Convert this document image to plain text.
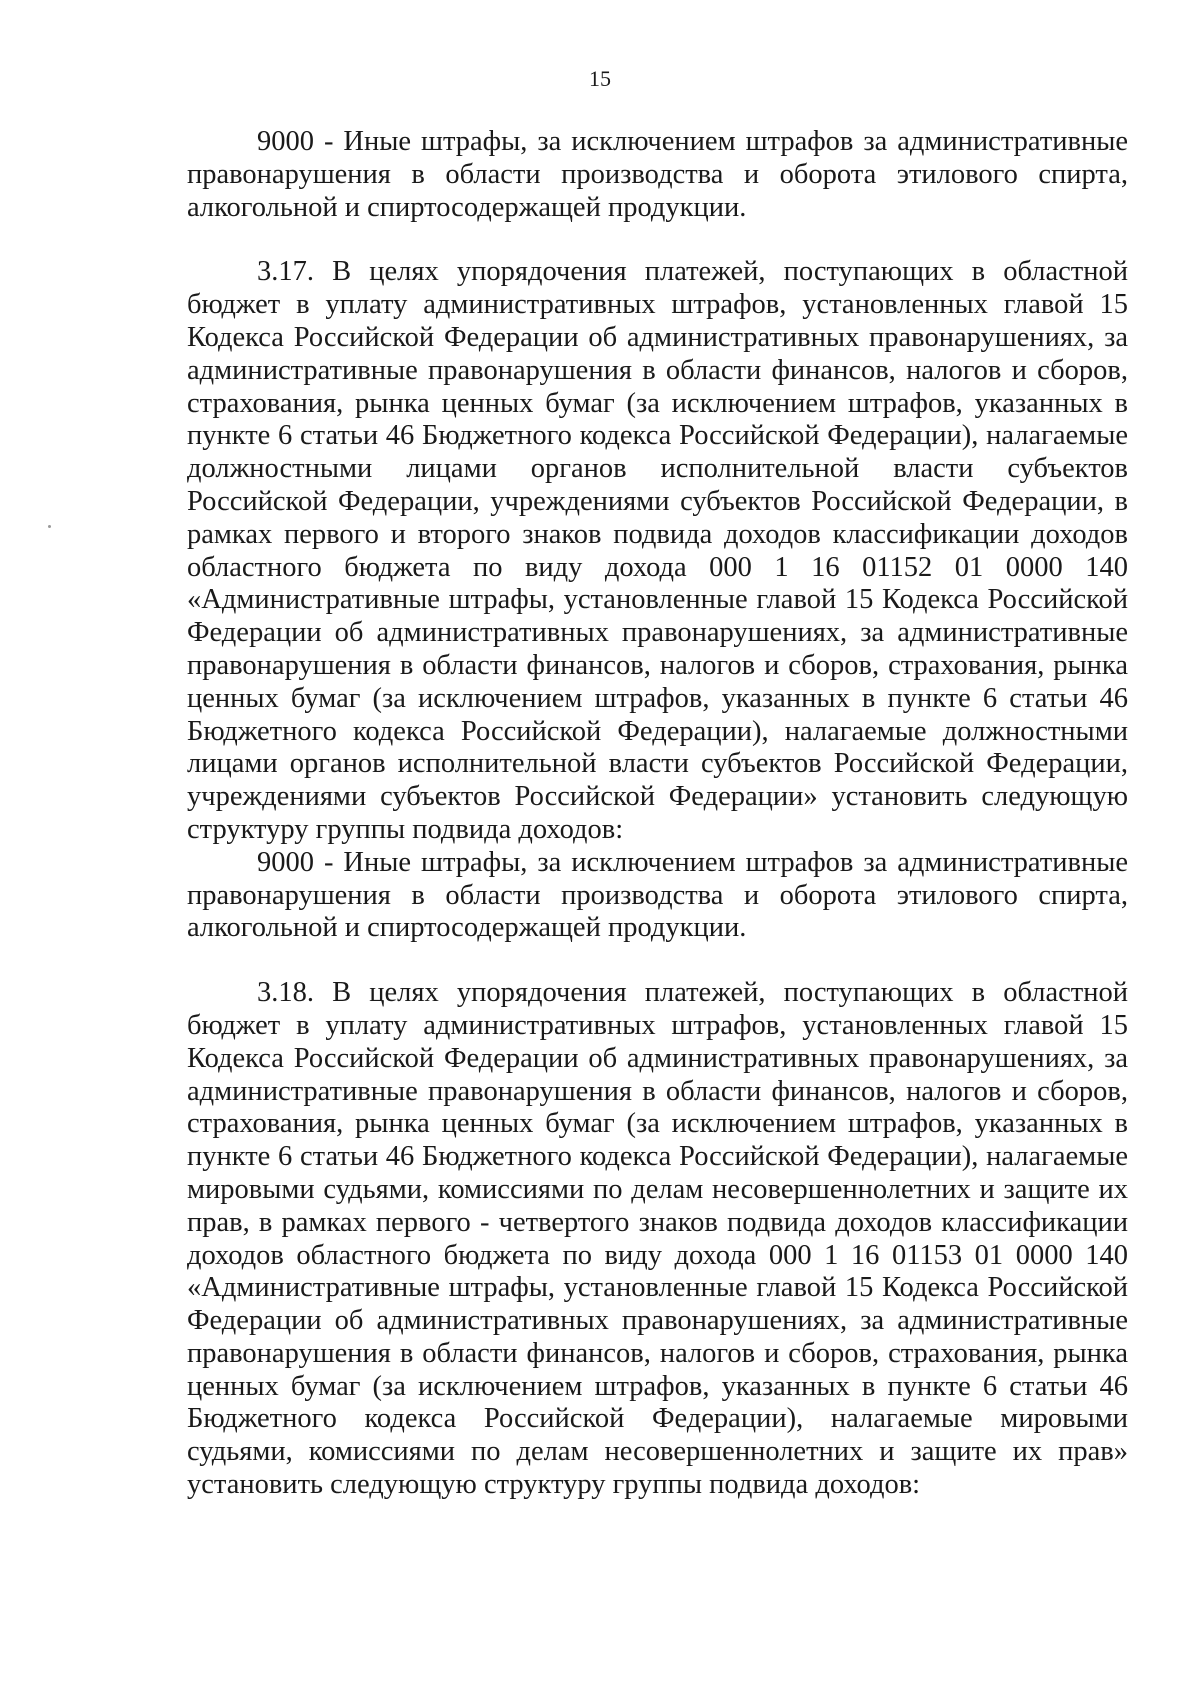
15

9000 - Иные штрафы, за исключением штрафов за административные правонарушения в области производства и оборота этилового спирта, алкогольной и спиртосодержащей продукции.

3.17. В целях упорядочения платежей, поступающих в областной бюджет в уплату административных штрафов, установленных главой 15 Кодекса Российской Федерации об административных правонарушениях, за административные правонарушения в области финансов, налогов и сборов, страхования, рынка ценных бумаг (за исключением штрафов, указанных в пункте 6 статьи 46 Бюджетного кодекса Российской Федерации), налагаемые должностными лицами органов исполнительной власти субъектов Российской Федерации, учреждениями субъектов Российской Федерации, в рамках первого и второго знаков подвида доходов классификации доходов областного бюджета по виду дохода 000 1 16 01152 01 0000 140 «Административные штрафы, установленные главой 15 Кодекса Российской Федерации об административных правонарушениях, за административные правонарушения в области финансов, налогов и сборов, страхования, рынка ценных бумаг (за исключением штрафов, указанных в пункте 6 статьи 46 Бюджетного кодекса Российской Федерации), налагаемые должностными лицами органов исполнительной власти субъектов Российской Федерации, учреждениями субъектов Российской Федерации» установить следующую структуру группы подвида доходов:

9000 - Иные штрафы, за исключением штрафов за административные правонарушения в области производства и оборота этилового спирта, алкогольной и спиртосодержащей продукции.

3.18. В целях упорядочения платежей, поступающих в областной бюджет в уплату административных штрафов, установленных главой 15 Кодекса Российской Федерации об административных правонарушениях, за административные правонарушения в области финансов, налогов и сборов, страхования, рынка ценных бумаг (за исключением штрафов, указанных в пункте 6 статьи 46 Бюджетного кодекса Российской Федерации), налагаемые мировыми судьями, комиссиями по делам несовершеннолетних и защите их прав, в рамках первого - четвертого знаков подвида доходов классификации доходов областного бюджета по виду дохода 000 1 16 01153 01 0000 140 «Административные штрафы, установленные главой 15 Кодекса Российской Федерации об административных правонарушениях, за административные правонарушения в области финансов, налогов и сборов, страхования, рынка ценных бумаг (за исключением штрафов, указанных в пункте 6 статьи 46 Бюджетного кодекса Российской Федерации), налагаемые мировыми судьями, комиссиями по делам несовершеннолетних и защите их прав» установить следующую структуру группы подвида доходов:
